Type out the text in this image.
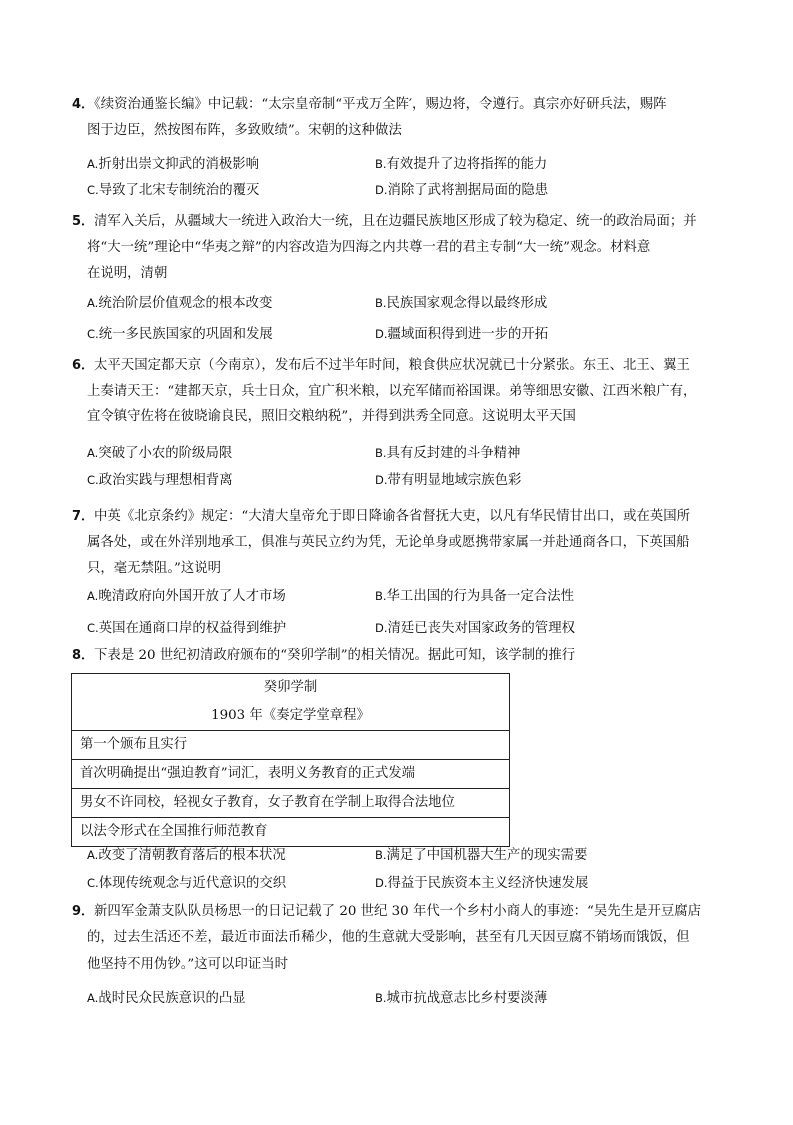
4．《续资治通鉴长编》中记载：“太宗皇帝制“平戎万全阵′，赐边将，令遵行。真宗亦好研兵法，赐阵
图于边臣，然按图布阵，多致败绩”。宋朝的这种做法
A.折射出崇文抑武的消极影响	B.有效提升了边将指挥的能力
C.导致了北宋专制统治的覆灭	D.消除了武将割据局面的隐患
5．清军入关后，从疆域大一统进入政治大一统，且在边疆民族地区形成了较为稳定、统一的政治局面；并
将“大一统”理论中“华夷之辩”的内容改造为四海之内共尊一君的君主专制“大一统”观念。材料意
在说明，清朝
A.统治阶层价值观念的根本改变	B.民族国家观念得以最终形成
C.统一多民族国家的巩固和发展	D.疆域面积得到进一步的开拓
6．太平天国定都天京（今南京），发布后不过半年时间，粮食供应状况就已十分紧张。东王、北王、翼王
上奏请天王：“建都天京，兵士日众，宜广积米粮，以充军储而裕国课。弟等细思安徽、江西米粮广有，
宜令镇守佐将在彼晓谕良民，照旧交粮纳税”，并得到洪秀全同意。这说明太平天国
A.突破了小农的阶级局限	B.具有反封建的斗争精神
C.政治实践与理想相背离	D.带有明显地域宗族色彩
7．中英《北京条约》规定：“大清大皇帝允于即日降谕各省督抚大吏，以凡有华民情甘出口，或在英国所
属各处，或在外洋别地承工，俱准与英民立约为凭，无论单身或愿携带家属一并赴通商各口，下英国船
只，毫无禁阻。”这说明
A.晚清政府向外国开放了人才市场	B.华工出国的行为具备一定合法性
C.英国在通商口岸的权益得到维护	D.清廷已丧失对国家政务的管理权
8．下表是 20 世纪初清政府颁布的“癸卯学制”的相关情况。据此可知，该学制的推行
癸卯学制
1903 年《奏定学堂章程》
第一个颁布且实行
首次明确提出“强迫教育”词汇，表明义务教育的正式发端
男女不许同校，轻视女子教育，女子教育在学制上取得合法地位
以法令形式在全国推行师范教育
A.改变了清朝教育落后的根本状况	B.满足了中国机器大生产的现实需要
C.体现传统观念与近代意识的交织	D.得益于民族资本主义经济快速发展
9．新四军金萧支队队员杨思一的日记记载了 20 世纪 30 年代一个乡村小商人的事迹：“吴先生是开豆腐店
的，过去生活还不差，最近市面法币稀少，他的生意就大受影响，甚至有几天因豆腐不销场而饿饭，但
他坚持不用伪钞。”这可以印证当时
A.战时民众民族意识的凸显	B.城市抗战意志比乡村要淡薄
